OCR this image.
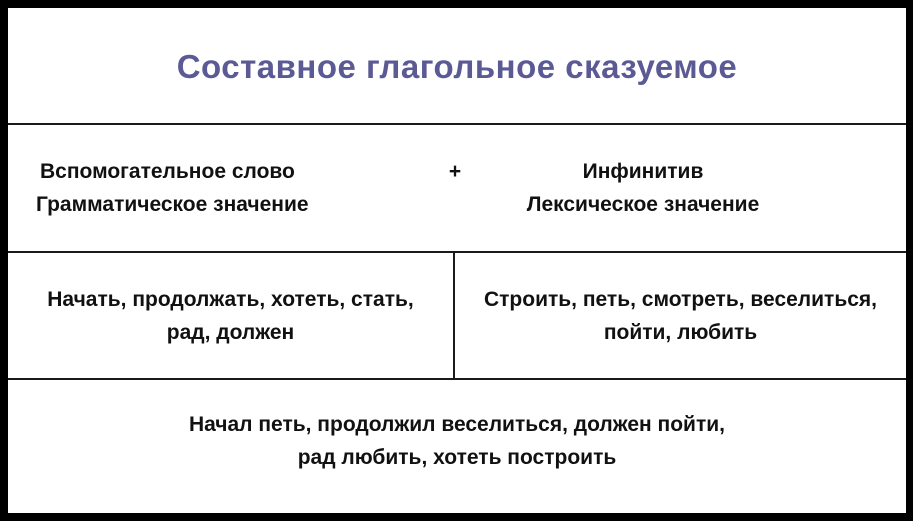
Составное глагольное сказуемое
Вспомогательное слово
Грамматическое значение
+	Инфинитив
Лексическое значение
Начать, продолжать, хотеть, стать,
рад, должен
Строить, петь, смотреть, веселиться,
пойти, любить
Начал петь, продолжил веселиться, должен пойти,
рад любить, хотеть построить
